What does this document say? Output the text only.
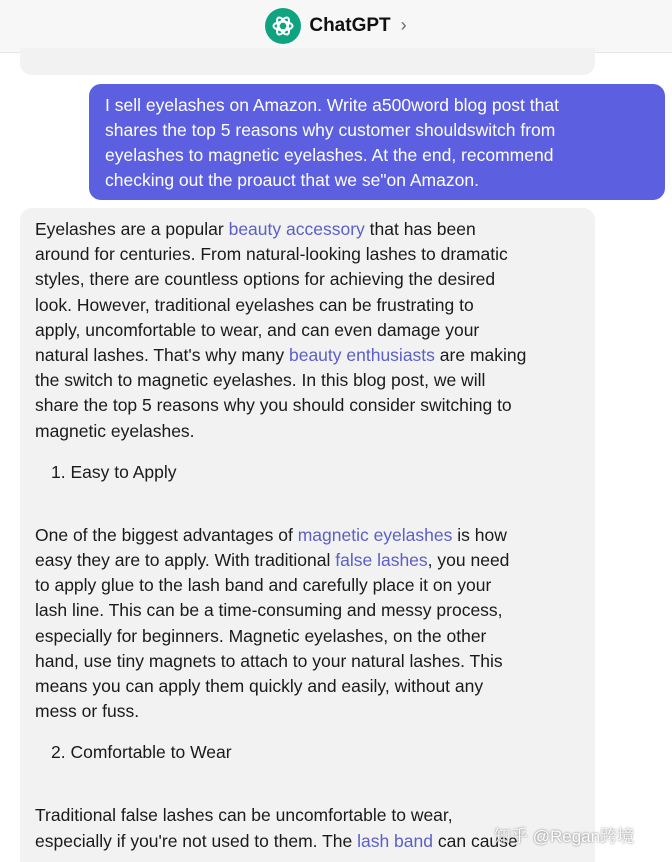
ChatGPT ›
I sell eyelashes on Amazon. Write a500word blog post that
shares the top 5 reasons why customer shouldswitch from
eyelashes to magnetic eyelashes. At the end, recommend
checking out the proauct that we se"on Amazon.
Eyelashes are a popular beauty accessory that has been
around for centuries. From natural-looking lashes to dramatic
styles, there are countless options for achieving the desired
look. However, traditional eyelashes can be frustrating to
apply, uncomfortable to wear, and can even damage your
natural lashes. That's why many beauty enthusiasts are making
the switch to magnetic eyelashes. In this blog post, we will
share the top 5 reasons why you should consider switching to
magnetic eyelashes.
1. Easy to Apply
One of the biggest advantages of magnetic eyelashes is how
easy they are to apply. With traditional false lashes, you need
to apply glue to the lash band and carefully place it on your
lash line. This can be a time-consuming and messy process,
especially for beginners. Magnetic eyelashes, on the other
hand, use tiny magnets to attach to your natural lashes. This
means you can apply them quickly and easily, without any
mess or fuss.
2. Comfortable to Wear
Traditional false lashes can be uncomfortable to wear,
especially if you're not used to them. The lash band can cause
知乎 @Regan跨境
